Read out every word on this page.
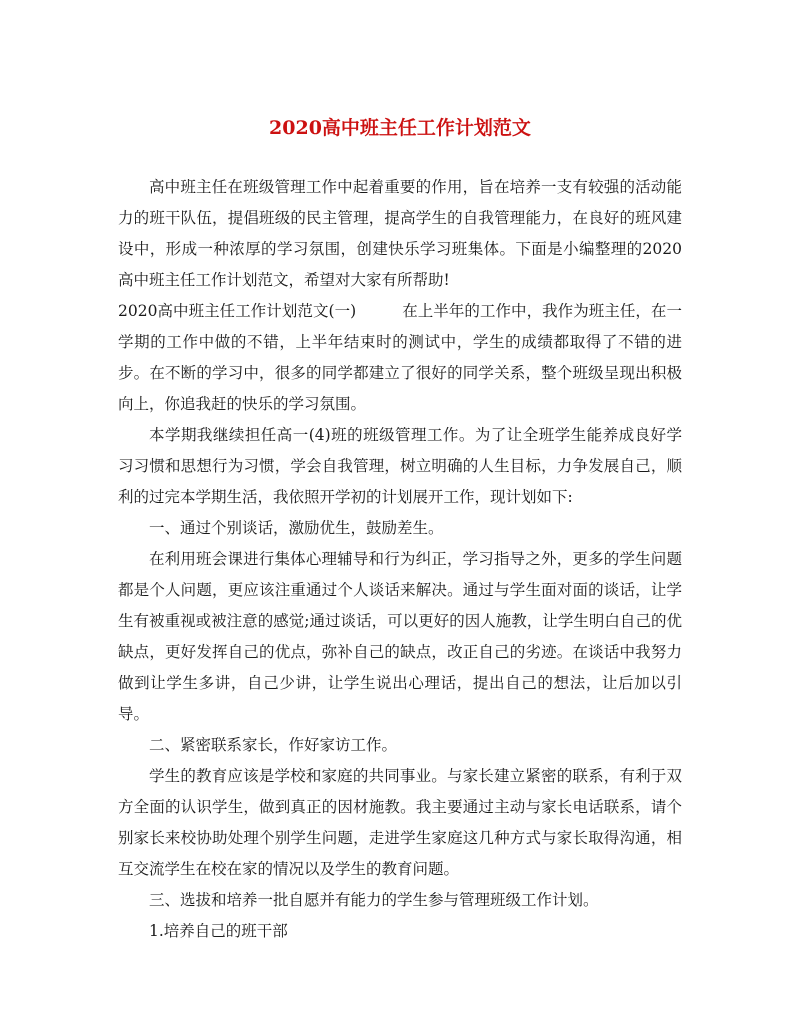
2020高中班主任工作计划范文

高中班主任在班级管理工作中起着重要的作用，旨在培养一支有较强的活动能力的班干队伍，提倡班级的民主管理，提高学生的自我管理能力，在良好的班风建设中，形成一种浓厚的学习氛围，创建快乐学习班集体。下面是小编整理的2020高中班主任工作计划范文，希望对大家有所帮助!

2020高中班主任工作计划范文(一)	在上半年的工作中，我作为班主任，在一学期的工作中做的不错，上半年结束时的测试中，学生的成绩都取得了不错的进步。在不断的学习中，很多的同学都建立了很好的同学关系，整个班级呈现出积极向上，你追我赶的快乐的学习氛围。

本学期我继续担任高一(4)班的班级管理工作。为了让全班学生能养成良好学习习惯和思想行为习惯，学会自我管理，树立明确的人生目标，力争发展自己，顺利的过完本学期生活，我依照开学初的计划展开工作，现计划如下:

一、通过个别谈话，激励优生，鼓励差生。

在利用班会课进行集体心理辅导和行为纠正，学习指导之外，更多的学生问题都是个人问题，更应该注重通过个人谈话来解决。通过与学生面对面的谈话，让学生有被重视或被注意的感觉;通过谈话，可以更好的因人施教，让学生明白自己的优缺点，更好发挥自己的优点，弥补自己的缺点，改正自己的劣迹。在谈话中我努力做到让学生多讲，自己少讲，让学生说出心理话，提出自己的想法，让后加以引导。

二、紧密联系家长，作好家访工作。

学生的教育应该是学校和家庭的共同事业。与家长建立紧密的联系，有利于双方全面的认识学生，做到真正的因材施教。我主要通过主动与家长电话联系，请个别家长来校协助处理个别学生问题，走进学生家庭这几种方式与家长取得沟通，相互交流学生在校在家的情况以及学生的教育问题。

三、选拔和培养一批自愿并有能力的学生参与管理班级工作计划。

1.培养自己的班干部
